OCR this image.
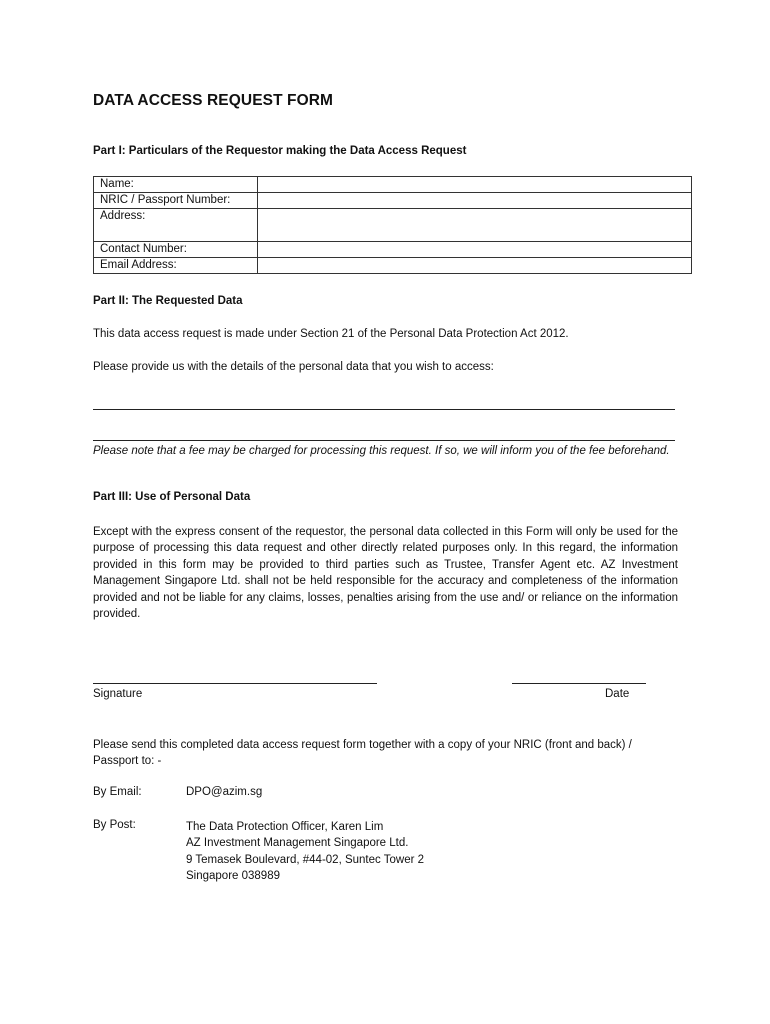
DATA ACCESS REQUEST FORM
Part I: Particulars of the Requestor making the Data Access Request
Name:	
NRIC / Passport Number:	
Address:	
Contact Number:	
Email Address:	
Part II: The Requested Data
This data access request is made under Section 21 of the Personal Data Protection Act 2012.
Please provide us with the details of the personal data that you wish to access:
Please note that a fee may be charged for processing this request. If so, we will inform you of the fee beforehand.
Part III: Use of Personal Data
Except with the express consent of the requestor, the personal data collected in this Form will only be used for the purpose of processing this data request and other directly related purposes only. In this regard, the information provided in this form may be provided to third parties such as Trustee, Transfer Agent etc. AZ Investment Management Singapore Ltd. shall not be held responsible for the accuracy and completeness of the information provided and not be liable for any claims, losses, penalties arising from the use and/ or reliance on the information provided.
Signature	Date
Please send this completed data access request form together with a copy of your NRIC (front and back) / Passport to: -
By Email:	DPO@azim.sg
By Post:	The Data Protection Officer, Karen Lim
AZ Investment Management Singapore Ltd.
9 Temasek Boulevard, #44-02, Suntec Tower 2
Singapore 038989
